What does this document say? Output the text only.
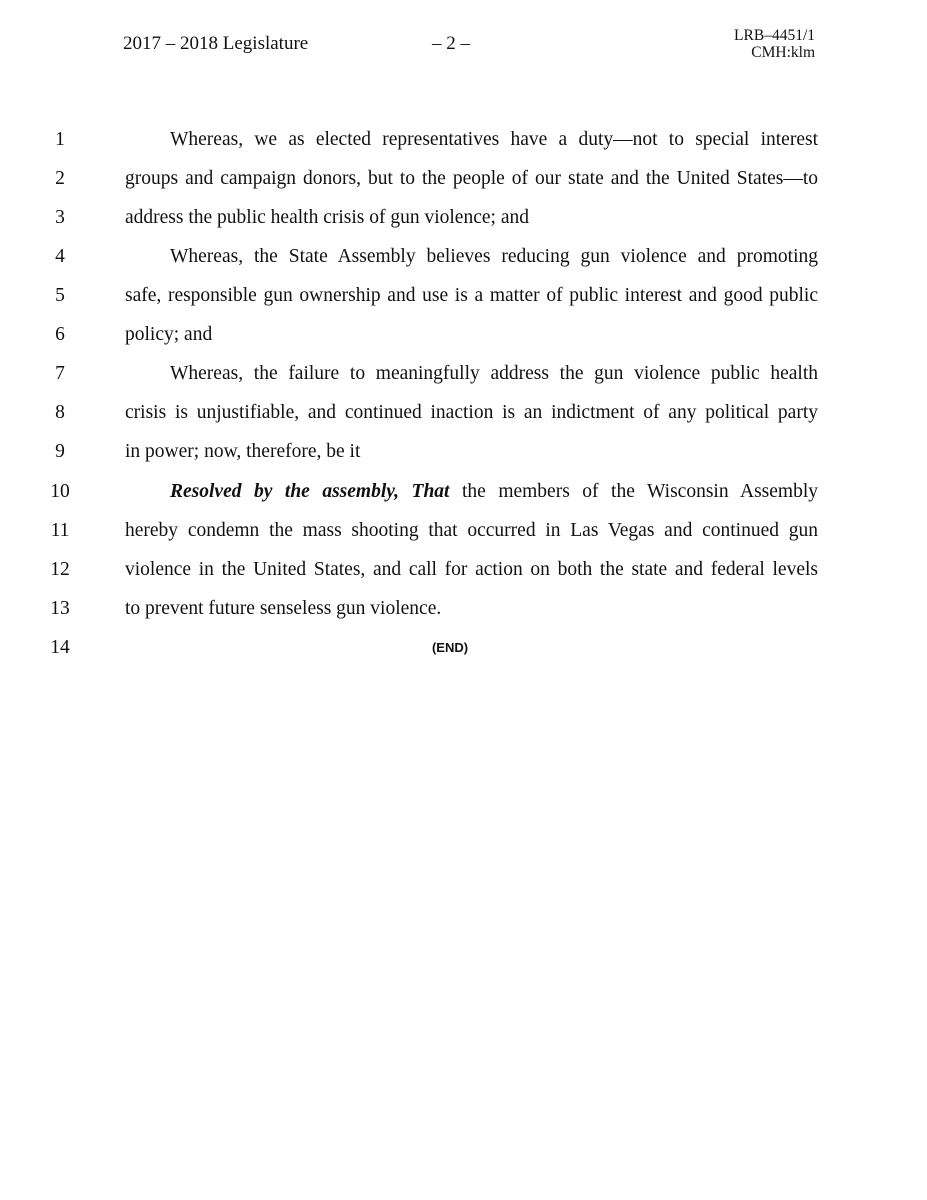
2017 – 2018 Legislature	– 2 –	LRB–4451/1
CMH:klm
1	Whereas, we as elected representatives have a duty—not to special interest
2	groups and campaign donors, but to the people of our state and the United States—to
3	address the public health crisis of gun violence; and
4	Whereas, the State Assembly believes reducing gun violence and promoting
5	safe, responsible gun ownership and use is a matter of public interest and good public
6	policy; and
7	Whereas, the failure to meaningfully address the gun violence public health
8	crisis is unjustifiable, and continued inaction is an indictment of any political party
9	in power; now, therefore, be it
10	Resolved by the assembly, That the members of the Wisconsin Assembly
11	hereby condemn the mass shooting that occurred in Las Vegas and continued gun
12	violence in the United States, and call for action on both the state and federal levels
13	to prevent future senseless gun violence.
14	(END)
